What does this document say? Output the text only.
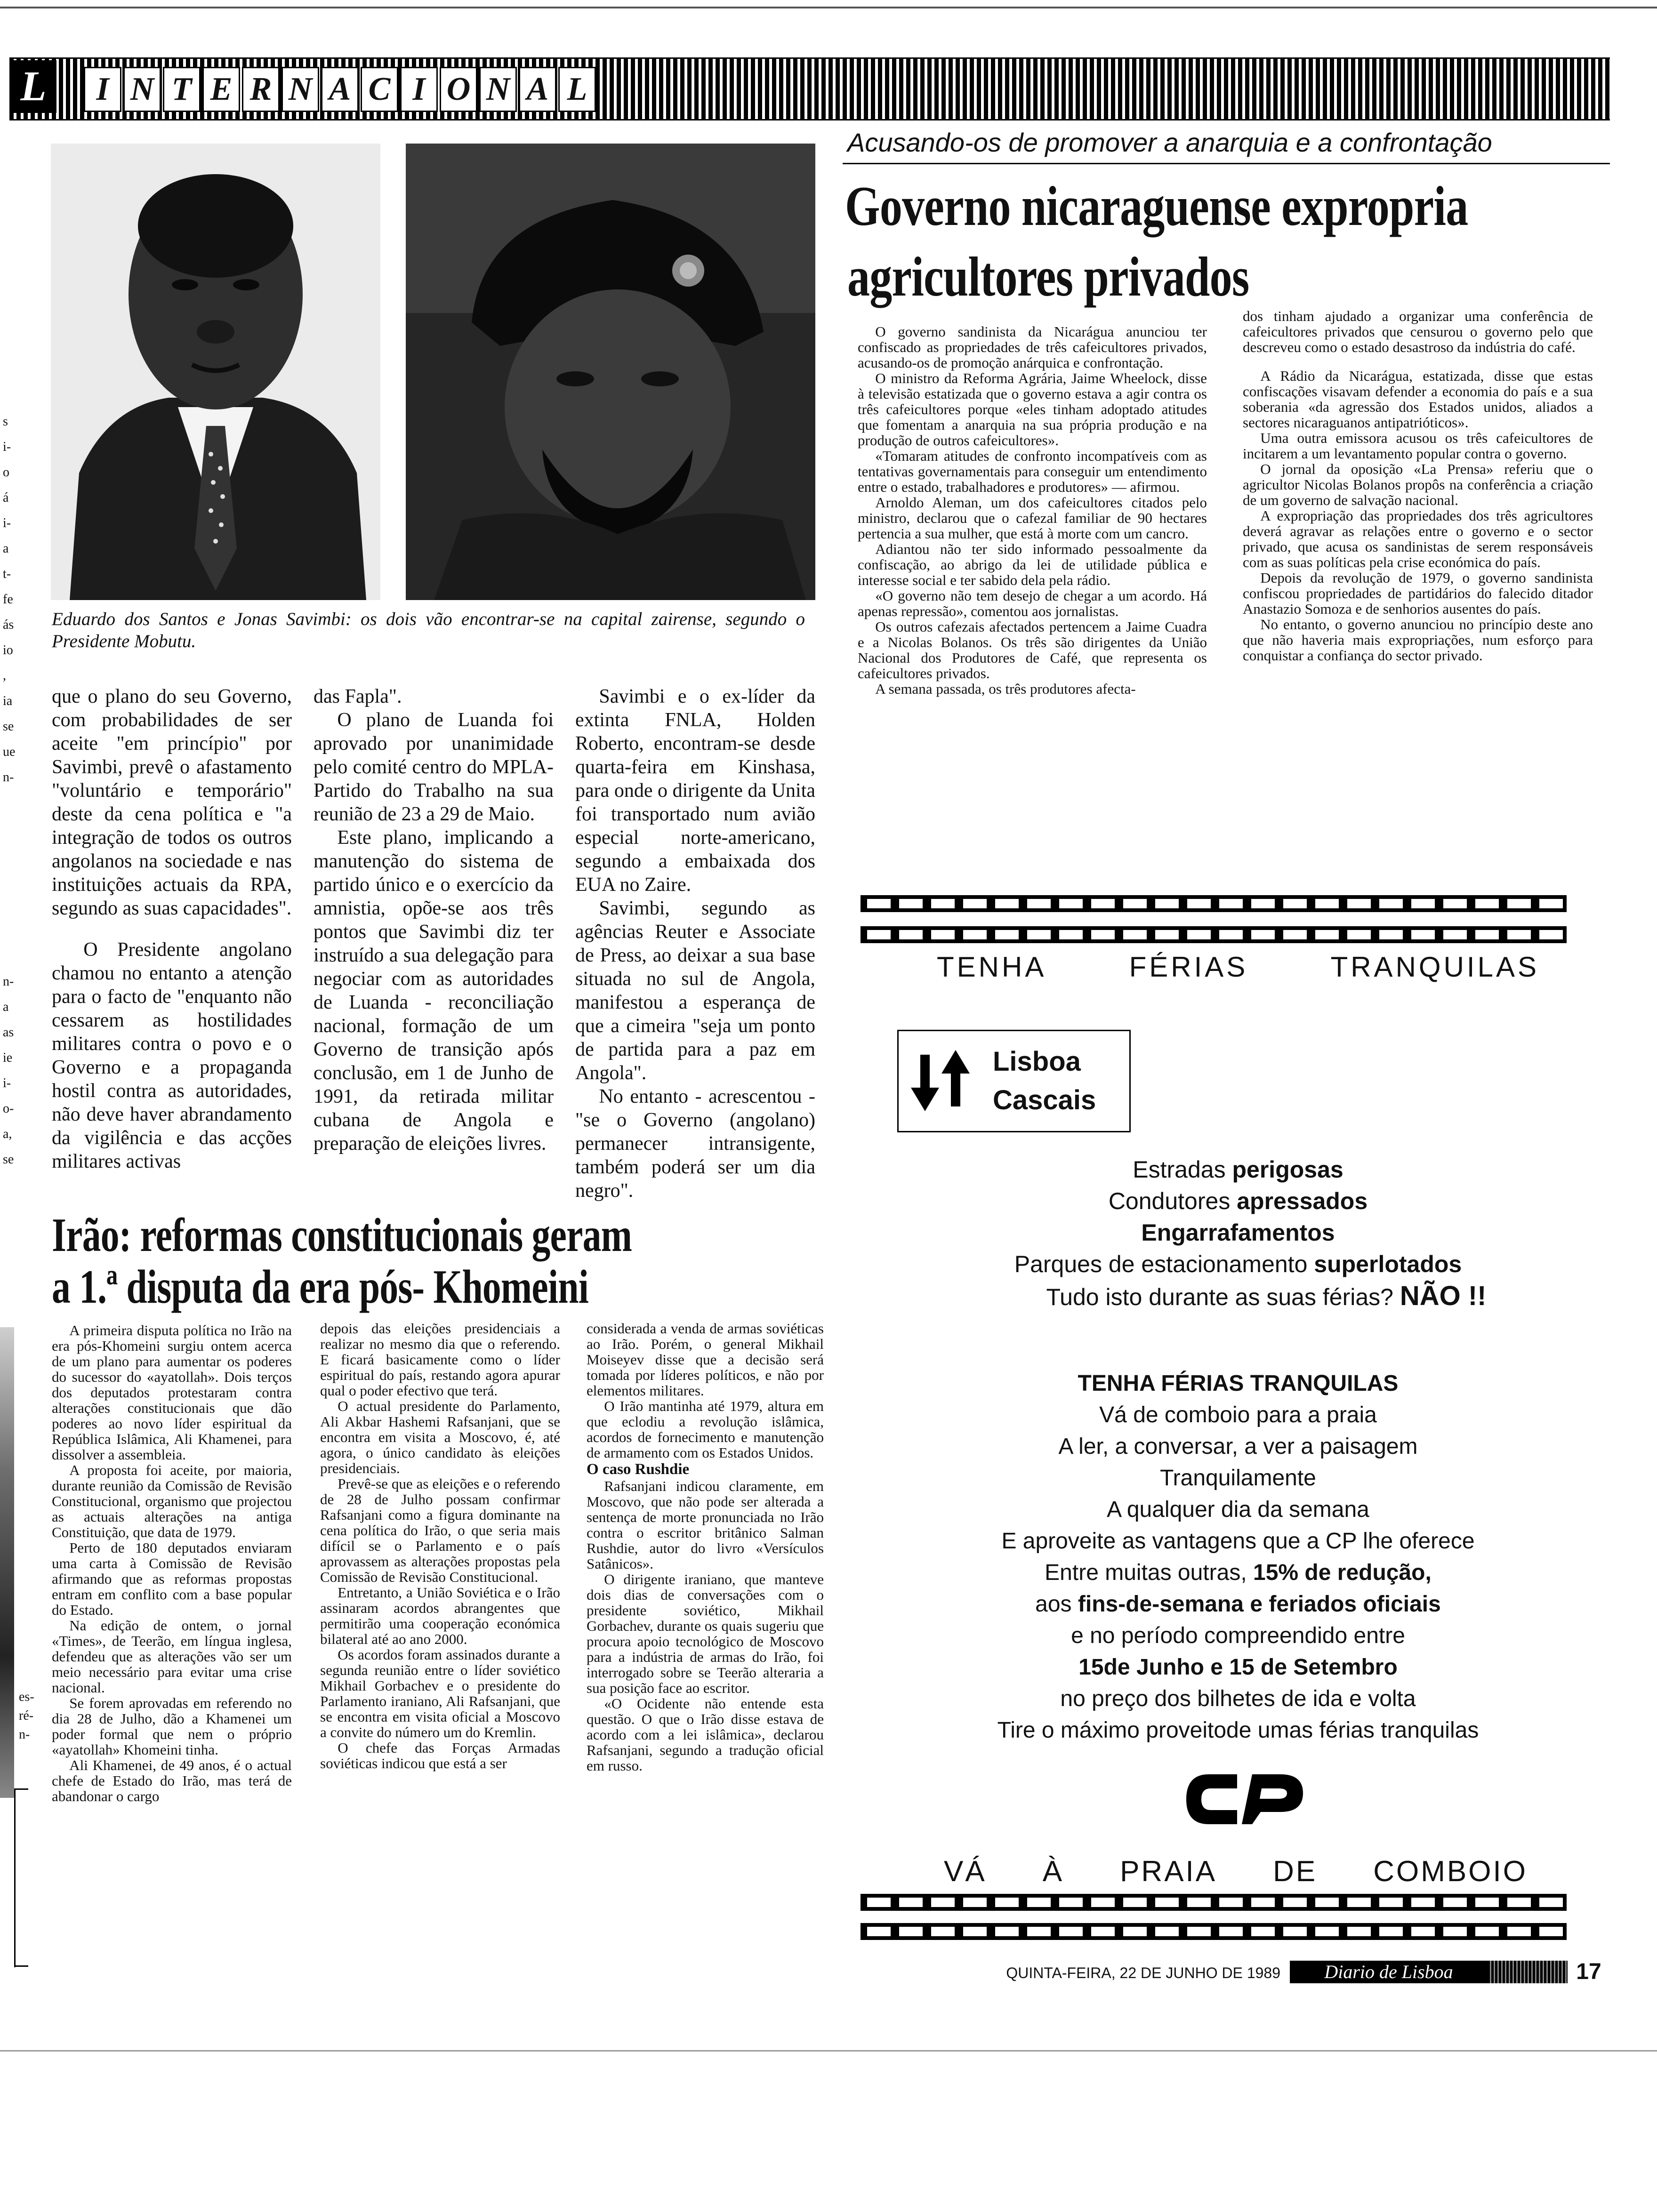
L	I N T E R N A C I O N A L
Eduardo dos Santos e Jonas Savimbi: os dois vão encontrar-se na capital zairense, segundo o Presidente Mobutu.
s
i-
o
á
i-
a
t-
fe
ás
io
,
ia
se
ue
n-
n-
a
as
ie
i-
o-
a,
se
es-
ré-
n-

que o plano do seu Governo, com probabilidades de ser aceite "em princípio" por Savimbi, prevê o afastamento "voluntário e temporário" deste da cena política e "a integração de todos os outros angolanos na sociedade e nas instituições actuais da RPA, segundo as suas capacidades".

O Presidente angolano chamou no entanto a atenção para o facto de "enquanto não cessarem as hostilidades militares contra o povo e o Governo e a propaganda hostil contra as autoridades, não deve haver abrandamento da vigilência e das acções militares activas

das Fapla".

O plano de Luanda foi aprovado por unanimidade pelo comité centro do MPLA-Partido do Trabalho na sua reunião de 23 a 29 de Maio.

Este plano, implicando a manutenção do sistema de partido único e o exercício da amnistia, opõe-se aos três pontos que Savimbi diz ter instruído a sua delegação para negociar com as autoridades de Luanda - reconciliação nacional, formação de um Governo de transição após conclusão, em 1 de Junho de 1991, da retirada militar cubana de Angola e preparação de eleições livres.

Savimbi e o ex-líder da extinta FNLA, Holden Roberto, encontram-se desde quarta-feira em Kinshasa, para onde o dirigente da Unita foi transportado num avião especial norte-americano, segundo a embaixada dos EUA no Zaire.

Savimbi, segundo as agências Reuter e Associate de Press, ao deixar a sua base situada no sul de Angola, manifestou a esperança de que a cimeira "seja um ponto de partida para a paz em Angola".

No entanto - acrescentou - "se o Governo (angolano) permanecer intransigente, também poderá ser um dia negro".

Acusando-os de promover a anarquia e a confrontação
Governo nicaraguense expropria
agricultores privados

O governo sandinista da Nicarágua anunciou ter confiscado as propriedades de três cafeicultores privados, acusando-os de promoção anárquica e confrontação.

O ministro da Reforma Agrária, Jaime Wheelock, disse à televisão estatizada que o governo estava a agir contra os três cafeicultores porque «eles tinham adoptado atitudes que fomentam a anarquia na sua própria produção e na produção de outros cafeicultores».

«Tomaram atitudes de confronto incompatíveis com as tentativas governamentais para conseguir um entendimento entre o estado, trabalhadores e produtores» — afirmou.

Arnoldo Aleman, um dos cafeicultores citados pelo ministro, declarou que o cafezal familiar de 90 hectares pertencia a sua mulher, que está à morte com um cancro.

Adiantou não ter sido informado pessoalmente da confiscação, ao abrigo da lei de utilidade pública e interesse social e ter sabido dela pela rádio.

«O governo não tem desejo de chegar a um acordo. Há apenas repressão», comentou aos jornalistas.

Os outros cafezais afectados pertencem a Jaime Cuadra e a Nicolas Bolanos. Os três são dirigentes da União Nacional dos Produtores de Café, que representa os cafeicultores privados.

A semana passada, os três produtores afecta-

dos tinham ajudado a organizar uma conferência de cafeicultores privados que censurou o governo pelo que descreveu como o estado desastroso da indústria do café.

A Rádio da Nicarágua, estatizada, disse que estas confiscações visavam defender a economia do país e a sua soberania «da agressão dos Estados unidos, aliados a sectores nicaraguanos antipatrióticos».

Uma outra emissora acusou os três cafeicultores de incitarem a um levantamento popular contra o governo.

O jornal da oposição «La Prensa» referiu que o agricultor Nicolas Bolanos propôs na conferência a criação de um governo de salvação nacional.

A expropriação das propriedades dos três agricultores deverá agravar as relações entre o governo e o sector privado, que acusa os sandinistas de serem responsáveis com as suas políticas pela crise económica do país.

Depois da revolução de 1979, o governo sandinista confiscou propriedades de partidários do falecido ditador Anastazio Somoza e de senhorios ausentes do país.

No entanto, o governo anunciou no princípio deste ano que não haveria mais expropriações, num esforço para conquistar a confiança do sector privado.

Irão: reformas constitucionais geram
a 1.ª disputa da era pós- Khomeini

A primeira disputa política no Irão na era pós-Khomeini surgiu ontem acerca de um plano para aumentar os poderes do sucessor do «ayatollah». Dois terços dos deputados protestaram contra alterações constitucionais que dão poderes ao novo líder espiritual da República Islâmica, Ali Khamenei, para dissolver a assembleia.

A proposta foi aceite, por maioria, durante reunião da Comissão de Revisão Constitucional, organismo que projectou as actuais alterações na antiga Constituição, que data de 1979.

Perto de 180 deputados enviaram uma carta à Comissão de Revisão afirmando que as reformas propostas entram em conflito com a base popular do Estado.

Na edição de ontem, o jornal «Times», de Teerão, em língua inglesa, defendeu que as alterações vão ser um meio necessário para evitar uma crise nacional.

Se forem aprovadas em referendo no dia 28 de Julho, dão a Khamenei um poder formal que nem o próprio «ayatollah» Khomeini tinha.

Ali Khamenei, de 49 anos, é o actual chefe de Estado do Irão, mas terá de abandonar o cargo

depois das eleições presidenciais a realizar no mesmo dia que o referendo. E ficará basicamente como o líder espiritual do país, restando agora apurar qual o poder efectivo que terá.

O actual presidente do Parlamento, Ali Akbar Hashemi Rafsanjani, que se encontra em visita a Moscovo, é, até agora, o único candidato às eleições presidenciais.

Prevê-se que as eleições e o referendo de 28 de Julho possam confirmar Rafsanjani como a figura dominante na cena política do Irão, o que seria mais difícil se o Parlamento e o país aprovassem as alterações propostas pela Comissão de Revisão Constitucional.

Entretanto, a União Soviética e o Irão assinaram acordos abrangentes que permitirão uma cooperação económica bilateral até ao ano 2000.

Os acordos foram assinados durante a segunda reunião entre o líder soviético Mikhail Gorbachev e o presidente do Parlamento iraniano, Ali Rafsanjani, que se encontra em visita oficial a Moscovo a convite do número um do Kremlin.

O chefe das Forças Armadas soviéticas indicou que está a ser

considerada a venda de armas soviéticas ao Irão. Porém, o general Mikhail Moiseyev disse que a decisão será tomada por líderes políticos, e não por elementos militares.

O Irão mantinha até 1979, altura em que eclodiu a revolução islâmica, acordos de fornecimento e manutenção de armamento com os Estados Unidos.

O caso Rushdie

Rafsanjani indicou claramente, em Moscovo, que não pode ser alterada a sentença de morte pronunciada no Irão contra o escritor britânico Salman Rushdie, autor do livro «Versículos Satânicos».

O dirigente iraniano, que manteve dois dias de conversações com o presidente soviético, Mikhail Gorbachev, durante os quais sugeriu que procura apoio tecnológico de Moscovo para a indústria de armas do Irão, foi interrogado sobre se Teerão alteraria a sua posição face ao escritor.

«O Ocidente não entende esta questão. O que o Irão disse estava de acordo com a lei islâmica», declarou Rafsanjani, segundo a tradução oficial em russo.

TENHA	FÉRIAS	TRANQUILAS
Lisboa
Cascais
Estradas perigosas
Condutores apressados
Engarrafamentos
Parques de estacionamento superlotados
Tudo isto durante as suas férias? NÃO !!
TENHA FÉRIAS TRANQUILAS
Vá de comboio para a praia
A ler, a conversar, a ver a paisagem
Tranquilamente
A qualquer dia da semana
E aproveite as vantagens que a CP lhe oferece
Entre muitas outras, 15% de redução,
aos fins-de-semana e feriados oficiais
e no período compreendido entre
15de Junho e 15 de Setembro
no preço dos bilhetes de ida e volta
Tire o máximo proveitode umas férias tranquilas
VÁ À PRAIA DE COMBOIO
QUINTA-FEIRA, 22 DE JUNHO DE 1989	Diario de Lisboa	17
